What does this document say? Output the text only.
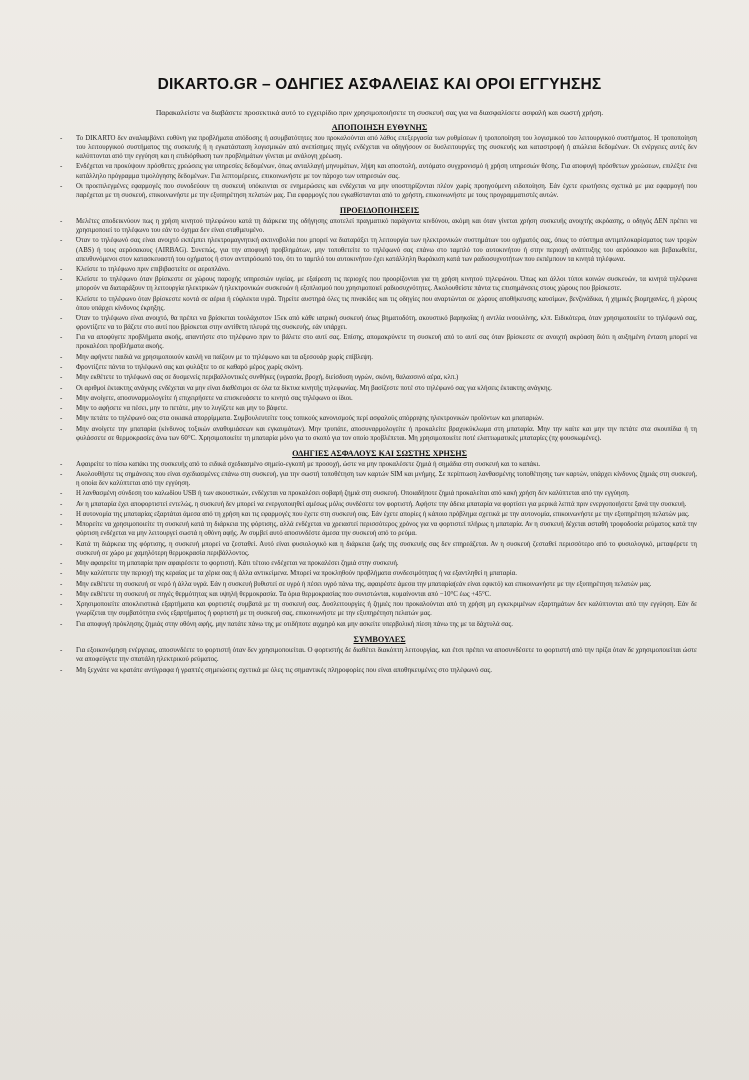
DIKARTO.GR – ΟΔΗΓΙΕΣ ΑΣΦΑΛΕΙΑΣ ΚΑΙ ΟΡΟΙ ΕΓΓΥΗΣΗΣ

Παρακαλείστε να διαβάσετε προσεκτικά αυτό το εγχειρίδιο πριν χρησιμοποιήσετε τη συσκευή σας για να διασφαλίσετε ασφαλή και σωστή χρήση.

ΑΠΟΠΟΙΗΣΗ ΕΥΘΥΝΗΣ
- Το DIKARTO δεν αναλαμβάνει ευθύνη για προβλήματα απόδοσης ή ασυμβατότητες που προκαλούνται από λάθος επεξεργασία των ρυθμίσεων ή τροποποίηση του λογισμικού του λειτουργικού συστήματος. Η τροποποίηση του λειτουργικού συστήματος της συσκευής ή η εγκατάσταση λογισμικών από ανεπίσημες πηγές ενδέχεται να οδηγήσουν σε δυσλειτουργίες της συσκευής και καταστροφή ή απώλεια δεδομένων. Οι ενέργειες αυτές δεν καλύπτονται από την εγγύηση και η επιδιόρθωση των προβλημάτων γίνεται με ανάλογη χρέωση.
- Ενδέχεται να προκύψουν πρόσθετες χρεώσεις για υπηρεσίες δεδομένων, όπως ανταλλαγή μηνυμάτων, λήψη και αποστολή, αυτόματο συγχρονισμό ή χρήση υπηρεσιών θέσης. Για αποφυγή πρόσθετων χρεώσεων, επιλέξτε ένα κατάλληλο πρόγραμμα τιμολόγησης δεδομένων. Για λεπτομέρειες, επικοινωνήστε με τον πάροχο των υπηρεσιών σας.
- Οι προεπιλεγμένες εφαρμογές που συνοδεύουν τη συσκευή υπόκεινται σε ενημερώσεις και ενδέχεται να μην υποστηρίζονται πλέον χωρίς προηγούμενη ειδοποίηση. Εάν έχετε ερωτήσεις σχετικά με μια εφαρμογή που παρέχεται με τη συσκευή, επικοινωνήστε με την εξυπηρέτηση πελατών μας. Για εφαρμογές που εγκαθίστανται από το χρήστη, επικοινωνήστε με τους προγραμματιστές αυτών.
ΠΡΟΕΙΔΟΠΟΙΗΣΕΙΣ
- Μελέτες αποδεικνύουν πως η χρήση κινητού τηλεφώνου κατά τη διάρκεια της οδήγησης αποτελεί πραγματικό παράγοντα κινδύνου, ακόμη και όταν γίνεται χρήση συσκευής ανοιχτής ακρόασης, ο οδηγός ΔΕΝ πρέπει να χρησιμοποιεί το τηλέφωνο του εάν το όχημα δεν είναι σταθμευμένο.
- Όταν το τηλέφωνό σας είναι ανοιχτό εκπέμπει ηλεκτρομαγνητική ακτινοβολία που μπορεί να διαταράξει τη λειτουργία των ηλεκτρονικών συστημάτων του οχήματός σας, όπως το σύστημα αντιμπλοκαρίσματος των τροχών (ABS) ή τους αερόσακους (AIRBAG). Συνεπώς, για την αποφυγή προβλημάτων, μην τοποθετείτε το τηλέφωνό σας επάνω στο ταμπλό του αυτοκινήτου ή στην περιοχή ανάπτυξης του αερόσακου και βεβαιωθείτε, απευθυνόμενοι στον κατασκευαστή του οχήματος ή στον αντιπρόσωπό του, ότι το ταμπλό του αυτοκινήτου έχει κατάλληλη θωράκιση κατά των ραδιοσυχνοτήτων που εκπέμπουν τα κινητά τηλέφωνα.
- Κλείστε το τηλέφωνο πριν επιβιβαστείτε σε αεροπλάνο.
- Κλείστε το τηλέφωνο όταν βρίσκεστε σε χώρους παροχής υπηρεσιών υγείας, με εξαίρεση τις περιοχές που προορίζονται για τη χρήση κινητού τηλεφώνου. Όπως και άλλοι τύποι κοινών συσκευών, τα κινητά τηλέφωνα μπορούν να διαταράξουν τη λειτουργία ηλεκτρικών ή ηλεκτρονικών συσκευών ή εξοπλισμού που χρησιμοποιεί ραδιοσυχνότητες. Ακολουθείστε πάντα τις επισημάνσεις στους χώρους που βρίσκεστε.
- Κλείστε το τηλέφωνο όταν βρίσκεστε κοντά σε αέρια ή εύφλεκτα υγρά. Τηρείτε αυστηρά όλες τις πινακίδες και τις οδηγίες που αναρτώνται σε χώρους αποθήκευσης καυσίμων, βενζινάδικα, ή χημικές βιομηχανίες, ή χώρους όπου υπάρχει κίνδυνος έκρηξης.
- Όταν το τηλέφωνο είναι ανοιχτό, θα πρέπει να βρίσκεται τουλάχιστον 15εκ από κάθε ιατρική συσκευή όπως βηματοδότη, ακουστικό βαρηκοΐας ή αντλία ινσουλίνης, κλπ. Ειδικότερα, όταν χρησιμοποιείτε το τηλέφωνό σας, φροντίζετε να το βάζετε στο αυτί που βρίσκεται στην αντίθετη πλευρά της συσκευής, εάν υπάρχει.
- Για να αποφύγετε προβλήματα ακοής, απαντήστε στο τηλέφωνο πριν το βάλετε στο αυτί σας. Επίσης, απομακρύνετε τη συσκευή από το αυτί σας όταν βρίσκεστε σε ανοιχτή ακρόαση διότι η αυξημένη ένταση μπορεί να προκαλέσει προβλήματα ακοής.
- Μην αφήνετε παιδιά να χρησιμοποιούν καυλή να παίζουν με το τηλέφωνο και τα αξεσουάρ χωρίς επίβλεψη.
- Φροντίζετε πάντα το τηλέφωνό σας και φυλάξτε το σε καθαρό μέρος χωρίς σκόνη.
- Μην εκθέτετε το τηλέφωνό σας σε δυσμενείς περιβαλλοντικές συνθήκες (υγρασία, βροχή, διείσδυση υγρών, σκόνη, θαλασσινό αέρα, κλπ.)
- Οι αριθμοί έκτακτης ανάγκης ενδέχεται να μην είναι διαθέσιμοι σε όλα τα δίκτυα κινητής τηλεφωνίας. Μη βασίζεστε ποτέ στο τηλέφωνό σας για κλήσεις έκτακτης ανάγκης.
- Μην ανοίγετε, αποσυναρμολογείτε ή επιχειρήσετε να επισκευάσετε το κινητό σας τηλέφωνο οι ίδιοι.
- Μην το αφήσετε να πέσει, μην το πετάτε, μην το λυγίζετε και μην το βάφετε.
- Μην πετάτε το τηλέφωνό σας στα οικιακά απορρίμματα. Συμβουλευτείτε τους τοπικούς κανονισμούς περί ασφαλούς απόρριψης ηλεκτρονικών προϊόντων και μπαταριών.
- Μην ανοίγετε την μπαταρία (κίνδυνος τοξικών αναθυμιάσεων και εγκαυμάτων). Μην τρυπάτε, αποσυναρμολογείτε ή προκαλείτε βραχυκύκλωμα στη μπαταρία. Μην την καίτε και μην την πετάτε στα σκουπίδια ή τη φυλάσσετε σε θερμοκρασίες άνω των 60°C. Χρησιμοποιείτε τη μπαταρία μόνο για το σκοπό για τον οποίο προβλέπεται. Μη χρησιμοποιείτε ποτέ ελαττωματικές μπαταρίες (πχ φουσκωμένες).
ΟΔΗΓΙΕΣ ΑΣΦΑΛΟΥΣ ΚΑΙ ΣΩΣΤΗΣ ΧΡΗΣΗΣ
- Αφαιρείτε το πίσω καπάκι της συσκευής από το ειδικά σχεδιασμένο σημείο-εγκοπή με προσοχή, ώστε να μην προκαλέσετε ζημιά ή σημάδια στη συσκευή και το καπάκι.
- Ακολουθήστε τις σημάνσεις που είναι σχεδιασμένες επάνω στη συσκευή, για την σωστή τοποθέτηση των καρτών SIM και μνήμης. Σε περίπτωση λανθασμένης τοποθέτησης των καρτών, υπάρχει κίνδυνος ζημιάς στη συσκευή, η οποία δεν καλύπτεται από την εγγύηση.
- Η λανθασμένη σύνδεση του καλωδίου USB ή των ακουστικών, ενδέχεται να προκαλέσει σοβαρή ζημιά στη συσκευή. Οποιαδήποτε ζημιά προκαλείται από κακή χρήση δεν καλύπτεται από την εγγύηση.
- Αν η μπαταρία έχει αποφορτιστεί εντελώς, η συσκευή δεν μπορεί να ενεργοποιηθεί αμέσως μόλις συνδέσετε τον φορτιστή. Αφήστε την άδεια μπαταρία να φορτίσει για μερικά λεπτά πριν ενεργοποιήσετε ξανά την συσκευή.
- Η αυτονομία της μπαταρίας εξαρτάται άμεσα από τη χρήση και τις εφαρμογές που έχετε στη συσκευή σας. Εάν έχετε απορίες ή κάποιο πρόβλημα σχετικά με την αυτονομία, επικοινωνήστε με την εξυπηρέτηση πελατών μας.
- Μπορείτε να χρησιμοποιείτε τη συσκευή κατά τη διάρκεια της φόρτισης, αλλά ενδέχεται να χρειαστεί περισσότερος χρόνος για να φορτιστεί πλήρως η μπαταρία. Αν η συσκευή δέχεται ασταθή τροφοδοσία ρεύματος κατά την φόρτιση ενδέχεται να μην λειτουργεί σωστά η οθόνη αφής. Αν συμβεί αυτό αποσυνδέστε άμεσα την συσκευή από το ρεύμα.
- Κατά τη διάρκεια της φόρτισης, η συσκευή μπορεί να ζεσταθεί. Αυτό είναι φυσιολογικό και η διάρκεια ζωής της συσκευής σας δεν επηρεάζεται. Αν η συσκευή ζεσταθεί περισσότερο από το φυσιολογικό, μεταφέρετε τη συσκευή σε χώρο με χαμηλότερη θερμοκρασία περιβάλλοντος.
- Μην αφαιρείτε τη μπαταρία πριν αφαιρέσετε το φορτιστή. Κάτι τέτοιο ενδέχεται να προκαλέσει ζημιά στην συσκευή.
- Μην καλύπτετε την περιοχή της κεραίας με τα χέρια σας ή άλλα αντικείμενα. Μπορεί να προκληθούν προβλήματα συνδεσιμότητας ή να εξαντληθεί η μπαταρία.
- Μην εκθέτετε τη συσκευή σε νερό ή άλλα υγρά. Εάν η συσκευή βυθιστεί σε υγρό ή πέσει υγρό πάνω της, αφαιρέστε άμεσα την μπαταρία(εάν είναι εφικτό) και επικοινωνήστε με την εξυπηρέτηση πελατών μας.
- Μην εκθέτετε τη συσκευή σε πηγές θερμότητας και υψηλή θερμοκρασία. Τα όρια θερμοκρασίας που συνιστώνται, κυμαίνονται από −10°C έως +45°C.
- Χρησιμοποιείτε αποκλειστικά εξαρτήματα και φορτιστές συμβατά με τη συσκευή σας. Δυσλειτουργίες ή ζημιές που προκαλούνται από τη χρήση μη εγκεκριμένων εξαρτημάτων δεν καλύπτονται από την εγγύηση. Εάν δε γνωρίζεται την συμβατότητα ενός εξαρτήματος ή φορτιστή με τη συσκευή σας, επικοινωνήστε με την εξυπηρέτηση πελατών μας.
- Για αποφυγή πρόκλησης ζημιάς στην οθόνη αφής, μην πατάτε πάνω της με οτιδήποτε αιχμηρό και μην ασκείτε υπερβολική πίεση πάνω της με τα δάχτυλά σας.
ΣΥΜΒΟΥΛΕΣ
- Για εξοικονόμηση ενέργειας, αποσυνδέετε το φορτιστή όταν δεν χρησιμοποιείται. Ο φορτιστής δε διαθέτει διακόπτη λειτουργίας, και έτσι πρέπει να αποσυνδέσετε το φορτιστή από την πρίζα όταν δε χρησιμοποιείται ώστε να αποφεύγετε την σπατάλη ηλεκτρικού ρεύματος.
- Μη ξεχνάτε να κρατάτε αντίγραφα ή γραπτές σημειώσεις σχετικά με όλες τις σημαντικές πληροφορίες που είναι αποθηκευμένες στο τηλέφωνό σας.
